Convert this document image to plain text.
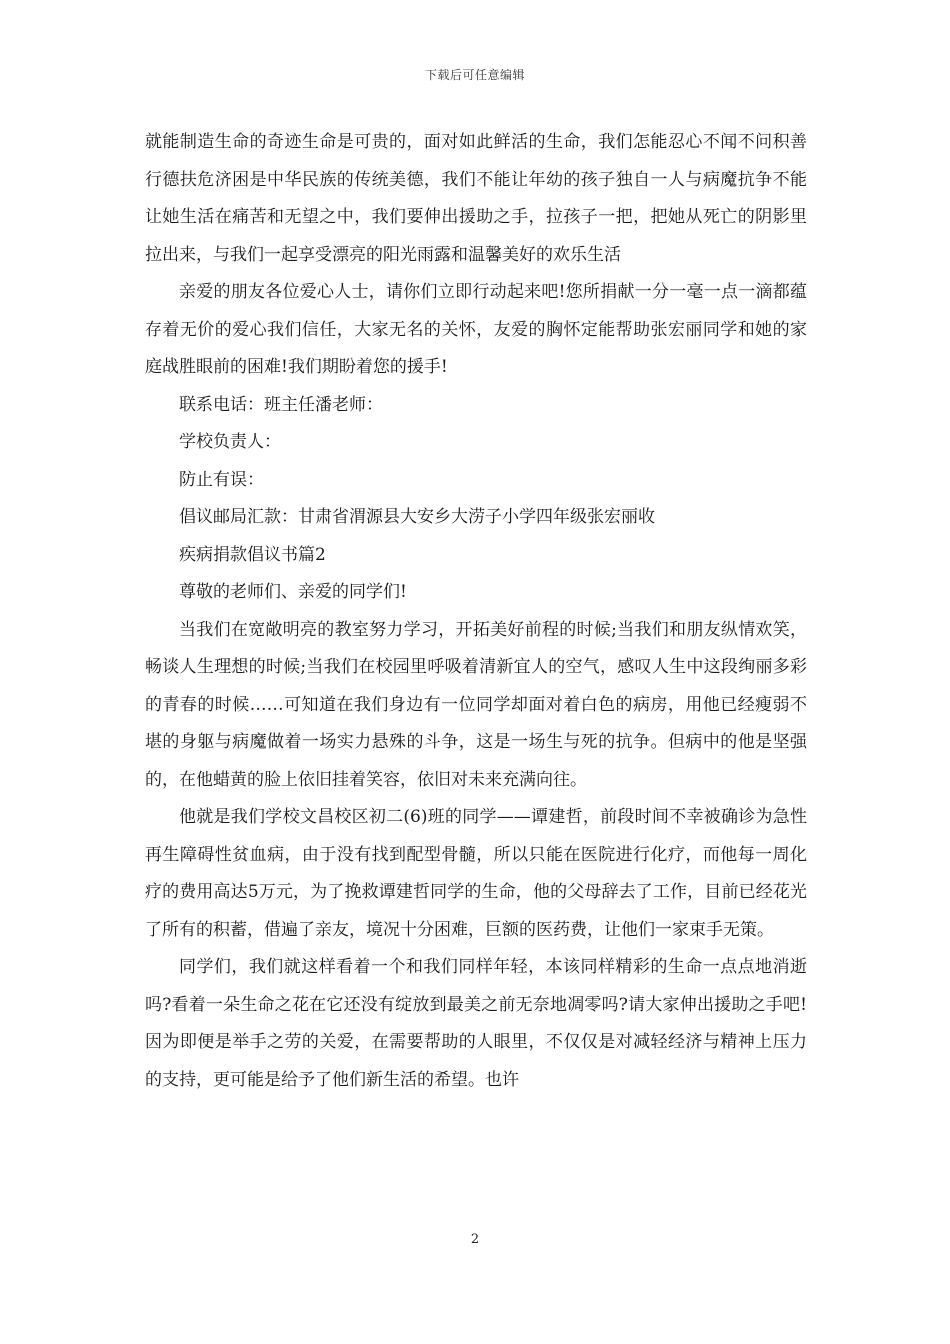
下载后可任意编辑

就能制造生命的奇迹生命是可贵的，面对如此鲜活的生命，我们怎能忍心不闻不问积善行德扶危济困是中华民族的传统美德，我们不能让年幼的孩子独自一人与病魔抗争不能让她生活在痛苦和无望之中，我们要伸出援助之手，拉孩子一把，把她从死亡的阴影里拉出来，与我们一起享受漂亮的阳光雨露和温馨美好的欢乐生活

亲爱的朋友各位爱心人士，请你们立即行动起来吧!您所捐献一分一毫一点一滴都蕴存着无价的爱心我们信任，大家无名的关怀，友爱的胸怀定能帮助张宏丽同学和她的家庭战胜眼前的困难!我们期盼着您的援手!

联系电话：班主任潘老师：

学校负责人：

防止有误：

倡议邮局汇款：甘肃省渭源县大安乡大涝子小学四年级张宏丽收

疾病捐款倡议书篇2

尊敬的老师们、亲爱的同学们!

当我们在宽敞明亮的教室努力学习，开拓美好前程的时候;当我们和朋友纵情欢笑，畅谈人生理想的时候;当我们在校园里呼吸着清新宜人的空气，感叹人生中这段绚丽多彩的青春的时候……可知道在我们身边有一位同学却面对着白色的病房，用他已经瘦弱不堪的身躯与病魔做着一场实力悬殊的斗争，这是一场生与死的抗争。但病中的他是坚强的，在他蜡黄的脸上依旧挂着笑容，依旧对未来充满向往。

他就是我们学校文昌校区初二(6)班的同学——谭建哲，前段时间不幸被确诊为急性再生障碍性贫血病，由于没有找到配型骨髓，所以只能在医院进行化疗，而他每一周化疗的费用高达5万元，为了挽救谭建哲同学的生命，他的父母辞去了工作，目前已经花光了所有的积蓄，借遍了亲友，境况十分困难，巨额的医药费，让他们一家束手无策。

同学们，我们就这样看着一个和我们同样年轻，本该同样精彩的生命一点点地消逝吗?看着一朵生命之花在它还没有绽放到最美之前无奈地凋零吗?请大家伸出援助之手吧!因为即便是举手之劳的关爱，在需要帮助的人眼里，不仅仅是对减轻经济与精神上压力的支持，更可能是给予了他们新生活的希望。也许

2
